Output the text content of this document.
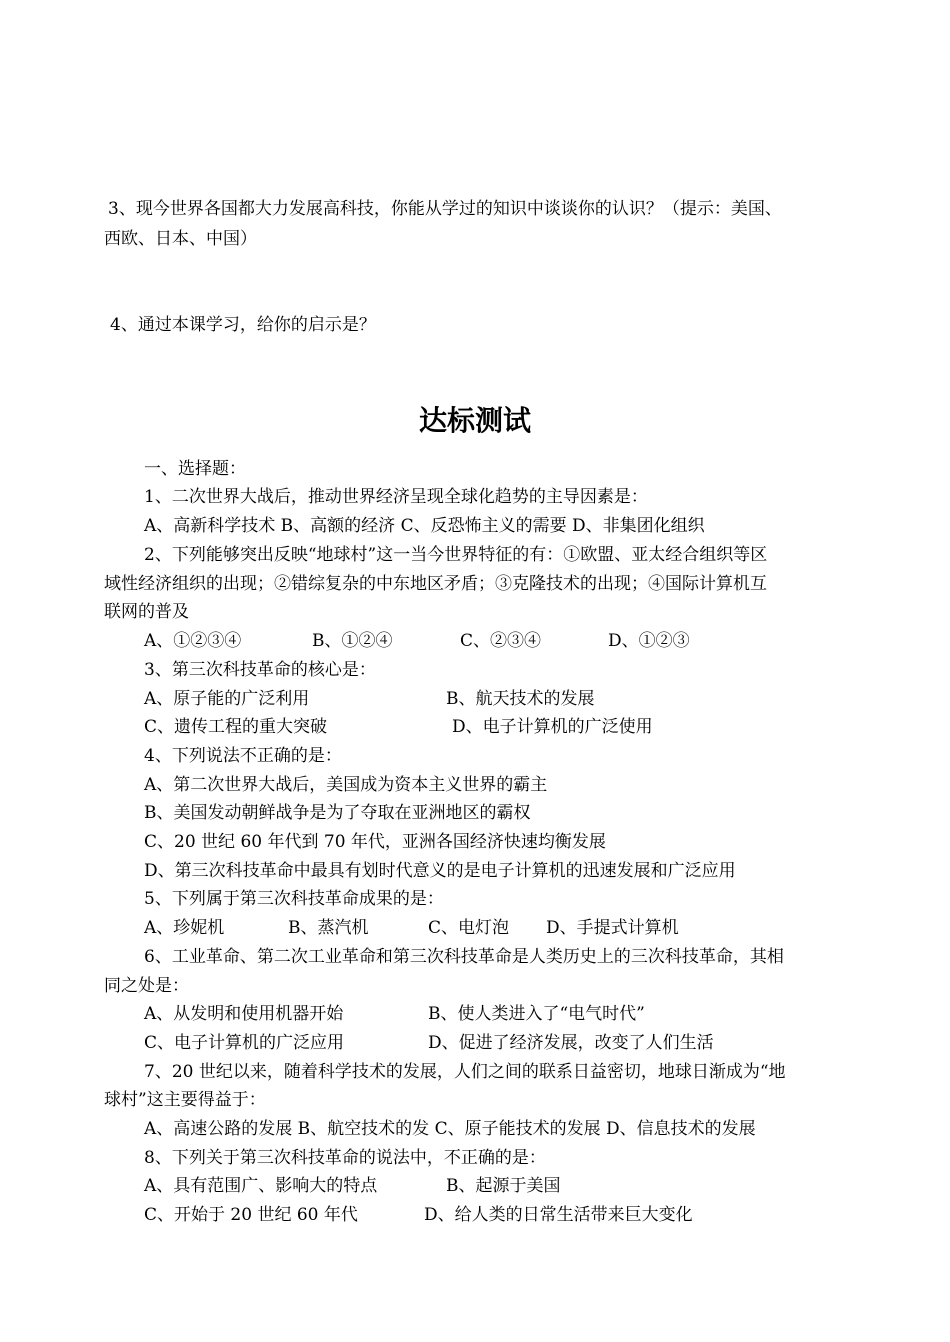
3、现今世界各国都大力发展高科技，你能从学过的知识中谈谈你的认识？（提示：美国、
西欧、日本、中国）
4、通过本课学习，给你的启示是？
达标测试
一、选择题：
1、二次世界大战后，推动世界经济呈现全球化趋势的主导因素是：
A、高新科学技术 B、高额的经济 C、反恐怖主义的需要 D、非集团化组织
2、下列能够突出反映“地球村”这一当今世界特征的有：①欧盟、亚太经合组织等区
域性经济组织的出现；②错综复杂的中东地区矛盾；③克隆技术的出现；④国际计算机互
联网的普及
A、①②③④	B、①②④	C、②③④	D、①②③
3、第三次科技革命的核心是：
A、原子能的广泛利用	B、航天技术的发展
C、遗传工程的重大突破	D、电子计算机的广泛使用
4、下列说法不正确的是：
A、第二次世界大战后，美国成为资本主义世界的霸主
B、美国发动朝鲜战争是为了夺取在亚洲地区的霸权
C、20 世纪 60 年代到 70 年代，亚洲各国经济快速均衡发展
D、第三次科技革命中最具有划时代意义的是电子计算机的迅速发展和广泛应用
5、下列属于第三次科技革命成果的是：
A、珍妮机	B、蒸汽机	C、电灯泡 D、手提式计算机
6、工业革命、第二次工业革命和第三次科技革命是人类历史上的三次科技革命，其相
同之处是：
A、从发明和使用机器开始	B、使人类进入了“电气时代”
C、电子计算机的广泛应用	D、促进了经济发展，改变了人们生活
7、20 世纪以来，随着科学技术的发展，人们之间的联系日益密切，地球日渐成为“地
球村”这主要得益于：
A、高速公路的发展 B、航空技术的发 C、原子能技术的发展 D、信息技术的发展
8、下列关于第三次科技革命的说法中，不正确的是：
A、具有范围广、影响大的特点	B、起源于美国
C、开始于 20 世纪 60 年代	D、给人类的日常生活带来巨大变化
